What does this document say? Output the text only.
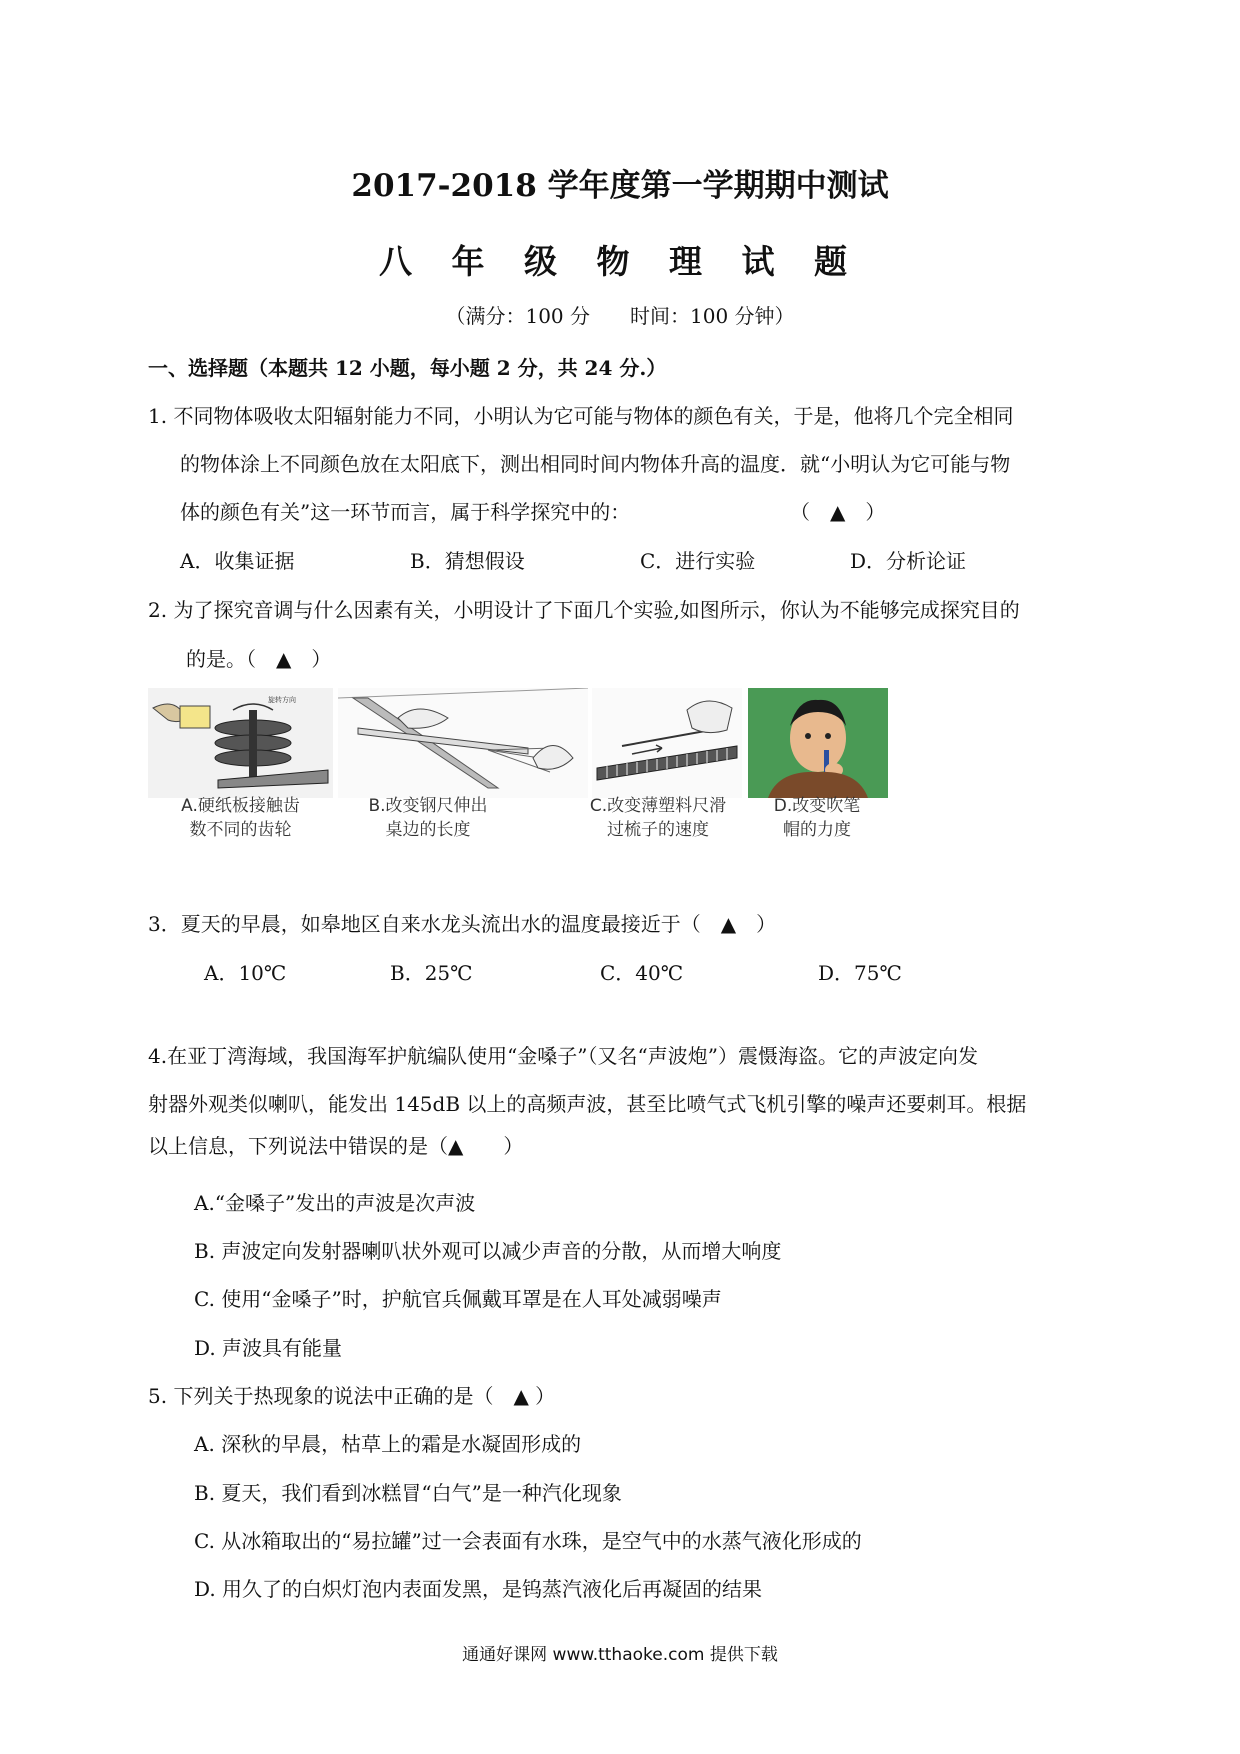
2017-2018 学年度第一学期期中测试
八 年 级 物 理 试 题
（满分：100 分　　时间：100 分钟）
一、选择题（本题共 12 小题，每小题 2 分，共 24 分.）
1. 不同物体吸收太阳辐射能力不同，小明认为它可能与物体的颜色有关，于是，他将几个完全相同
的物体涂上不同颜色放在太阳底下，测出相同时间内物体升高的温度．就“小明认为它可能与物
体的颜色有关”这一环节而言，属于科学探究中的：	（　▲　）
A．收集证据	B．猜想假设	C．进行实验	D．分析论证
2. 为了探究音调与什么因素有关，小明设计了下面几个实验,如图所示，你认为不能够完成探究目的
的是。（　▲　）
旋转方向
A.硬纸板接触齿
数不同的齿轮
B.改变钢尺伸出
桌边的长度
C.改变薄塑料尺滑
过梳子的速度
D.改变吹笔
帽的力度
3．夏天的早晨，如皋地区自来水龙头流出水的温度最接近于（　▲　）
A．10℃	B．25℃	C．40℃	D．75℃
4.在亚丁湾海域，我国海军护航编队使用“金嗓子”（又名“声波炮”）震慑海盗。它的声波定向发
射器外观类似喇叭，能发出 145dB 以上的高频声波，甚至比喷气式飞机引擎的噪声还要刺耳。根据
以上信息，下列说法中错误的是（▲　　）
A.“金嗓子”发出的声波是次声波
B. 声波定向发射器喇叭状外观可以减少声音的分散，从而增大响度
C. 使用“金嗓子”时，护航官兵佩戴耳罩是在人耳处减弱噪声
D. 声波具有能量
5. 下列关于热现象的说法中正确的是（　▲ ）
A. 深秋的早晨，枯草上的霜是水凝固形成的
B. 夏天，我们看到冰糕冒“白气”是一种汽化现象
C. 从冰箱取出的“易拉罐”过一会表面有水珠，是空气中的水蒸气液化形成的
D. 用久了的白炽灯泡内表面发黑，是钨蒸汽液化后再凝固的结果
通通好课网 www.tthaoke.com 提供下载
